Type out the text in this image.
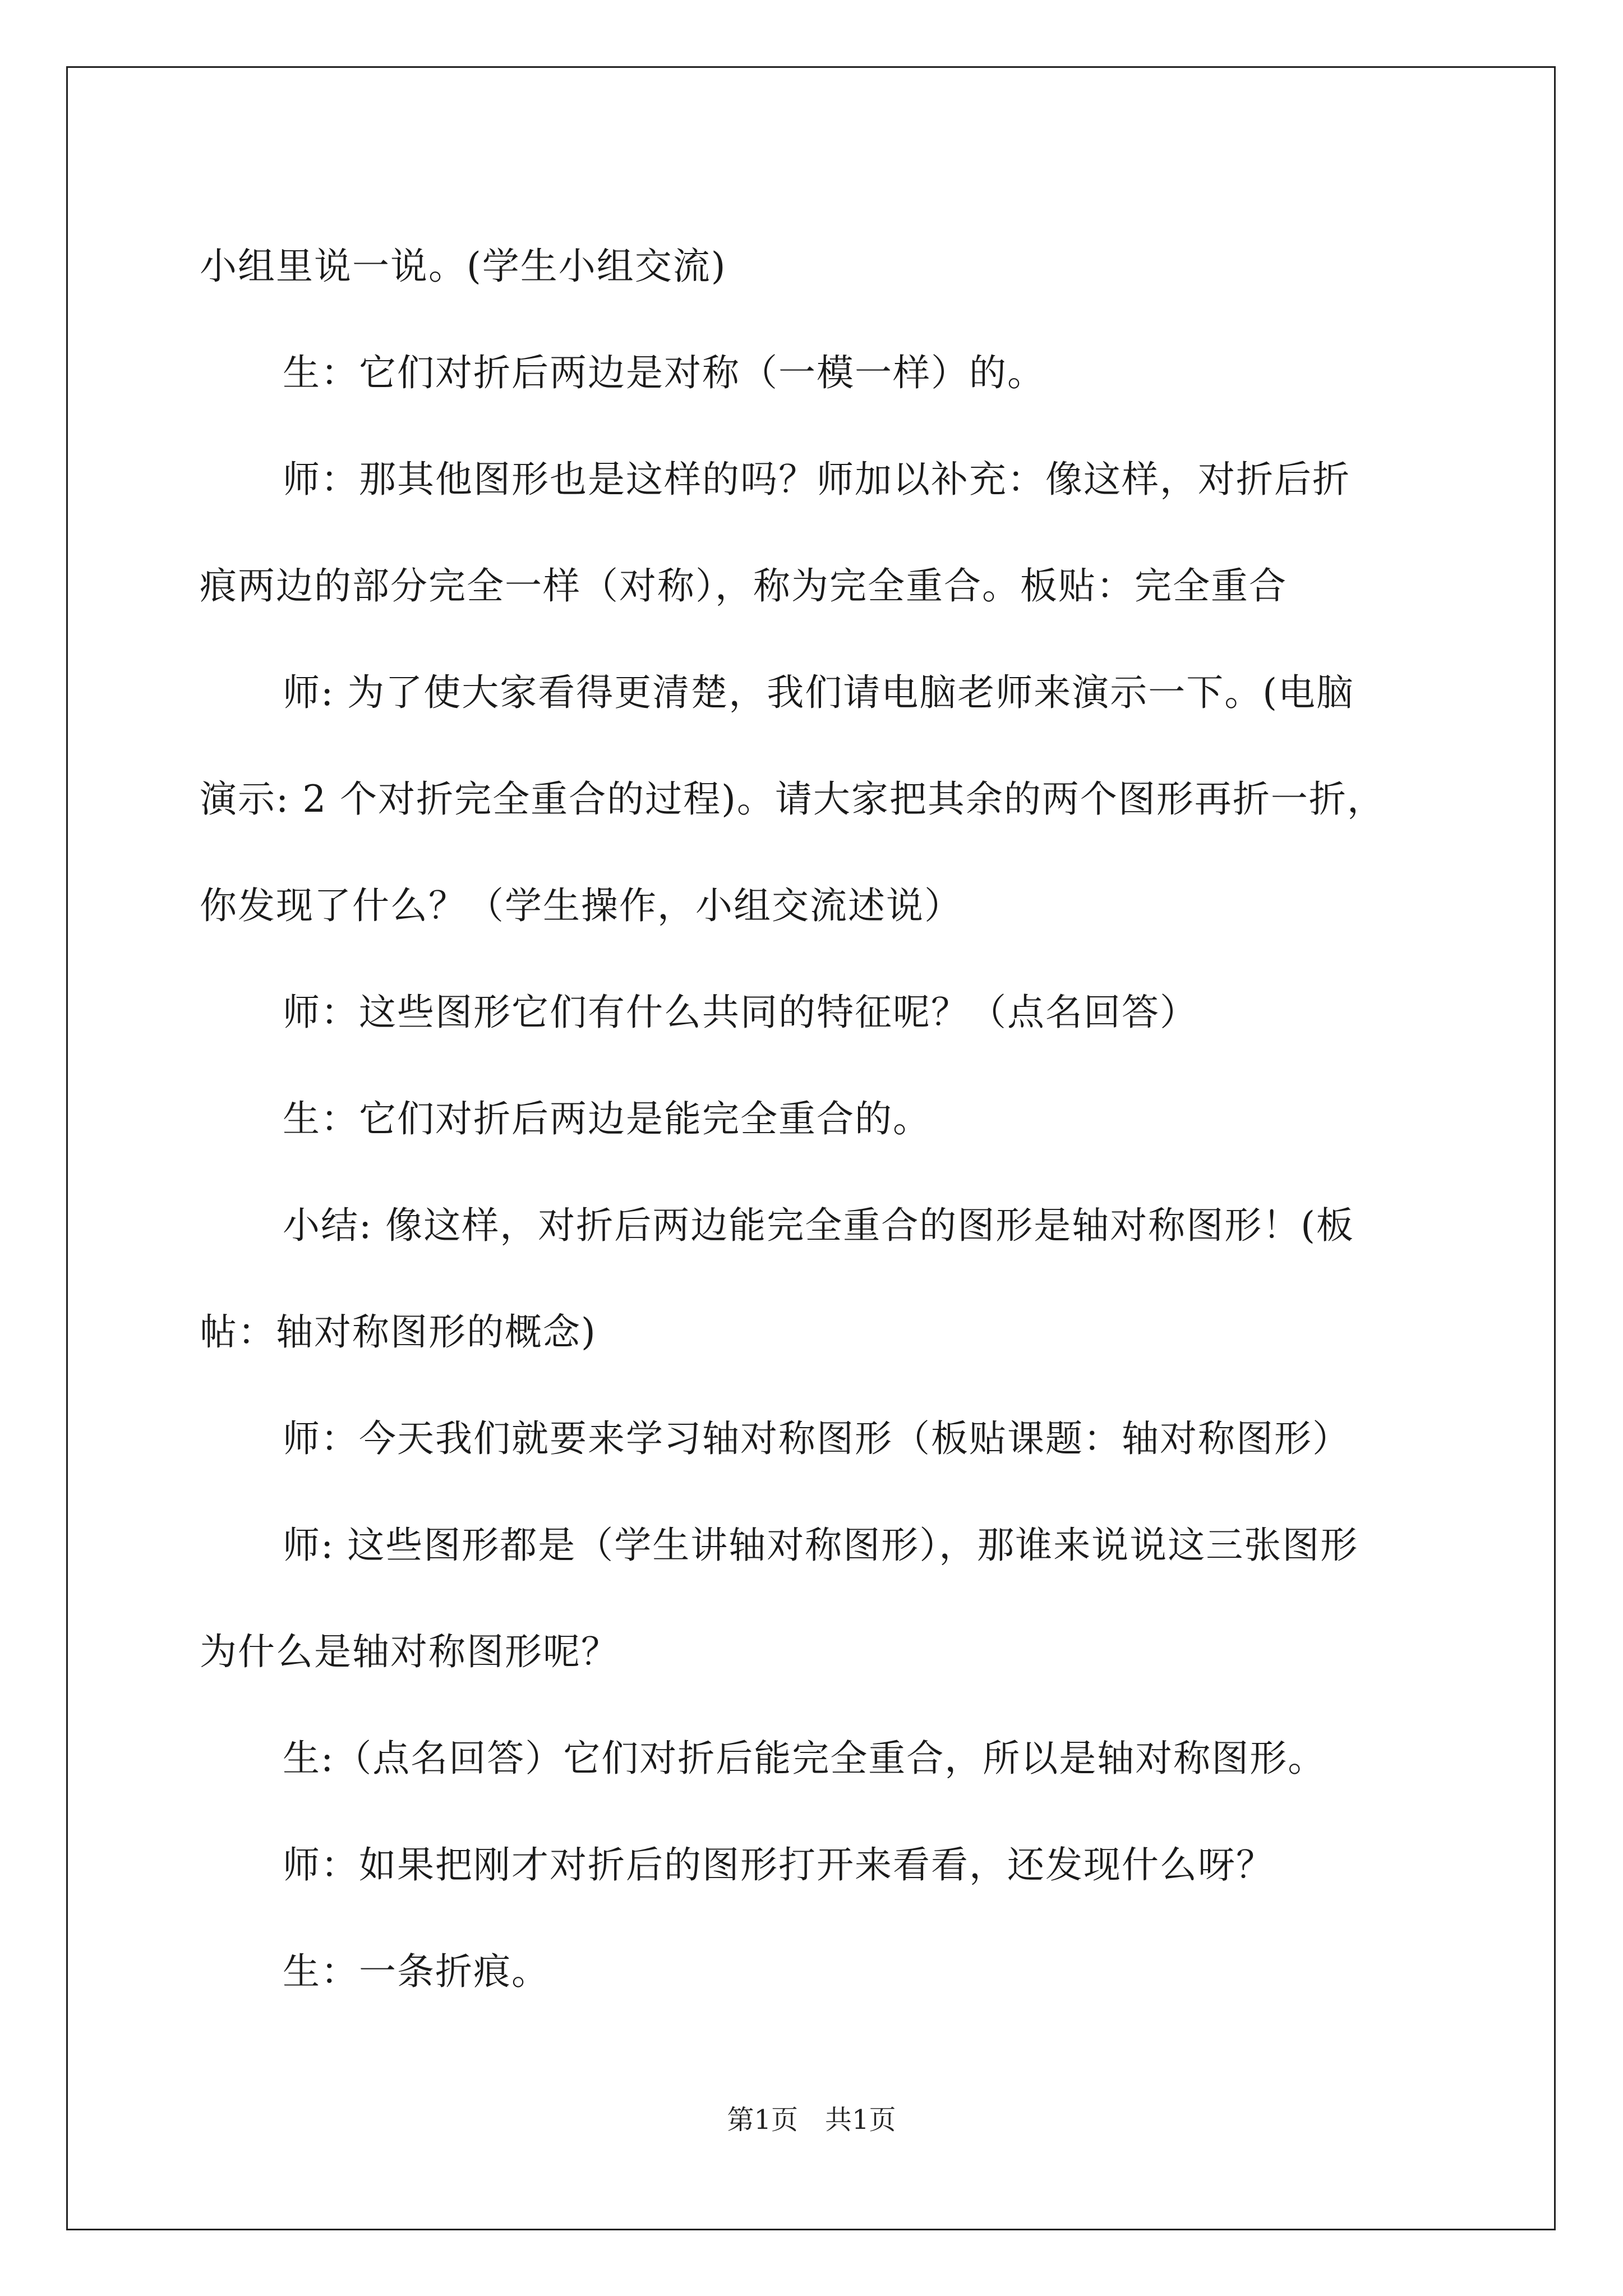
小组里说一说。(学生小组交流)

生：它们对折后两边是对称（一模一样）的。

师：那其他图形也是这样的吗？师加以补充：像这样，对折后折

痕两边的部分完全一样（对称），称为完全重合。板贴：完全重合

师: 为了使大家看得更清楚，我们请电脑老师来演示一下。(电脑

演示: 2 个对折完全重合的过程)。请大家把其余的两个图形再折一折，

你发现了什么？（学生操作，小组交流述说）

师：这些图形它们有什么共同的特征呢？（点名回答）

生：它们对折后两边是能完全重合的。

小结: 像这样，对折后两边能完全重合的图形是轴对称图形！(板

帖：轴对称图形的概念)

师：今天我们就要来学习轴对称图形（板贴课题：轴对称图形）

师: 这些图形都是（学生讲轴对称图形），那谁来说说这三张图形

为什么是轴对称图形呢？

生:（点名回答）它们对折后能完全重合，所以是轴对称图形。

师：如果把刚才对折后的图形打开来看看，还发现什么呀？

生：一条折痕。

第1页 共1页
